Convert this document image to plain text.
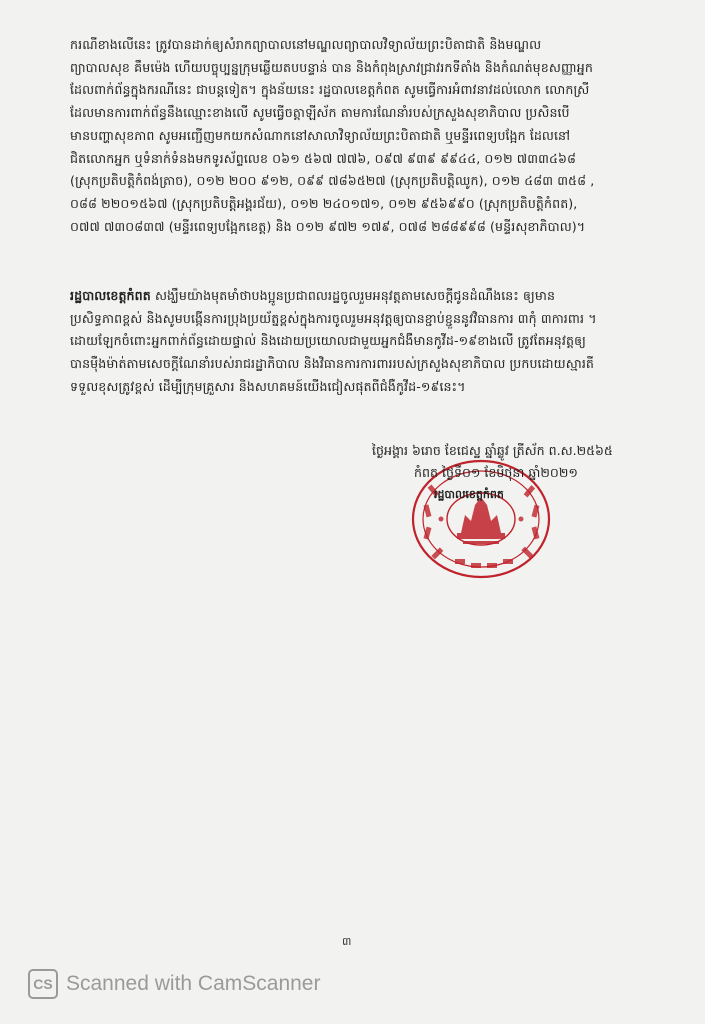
ករណីខាងលើនេះ ត្រូវបានដាក់ឲ្យសំរាកព្យាបាលនៅមណ្ឌលព្យាបាលវិទ្យាល័យព្រះបិតាជាតិ និងមណ្ឌល
ព្យាបាលសុខ គឹមម៉េង ហើយបច្ចុប្បន្នក្រុមឆ្លើយតបបន្ទាន់ បាន និងកំពុងស្រាវជ្រាវរកទីតាំង និងកំណត់មុខសញ្ញាអ្នក
ដែលពាក់ព័ន្ធក្នុងករណីនេះ ជាបន្តទៀត។ ក្នុងន័យនេះ រដ្ឋបាលខេត្តកំពត សូមធ្វើការអំពាវនាវដល់លោក លោកស្រី
ដែលមានការពាក់ព័ន្ធនឹងឈ្មោះខាងលើ សូមធ្វើចត្តាឡីស័ក តាមការណែនាំរបស់ក្រសួងសុខាភិបាល ប្រសិនបើ
មានបញ្ហាសុខភាព សូមអញ្ជើញមកយកសំណាកនៅសាលាវិទ្យាល័យព្រះបិតាជាតិ ឬមន្ទីរពេទ្យបង្អែក ដែលនៅ
ជិតលោកអ្នក ឬទំនាក់ទំនងមកទូរស័ព្ទលេខ ០៦១ ៥៦៧ ៧៧៦, ០៩៧ ៩៣៩ ៩៩៤៤, ០១២ ៧៣៣៤៦៨
(ស្រុកប្រតិបត្តិកំពង់ត្រាច), ០១២ ២០០ ៩១២, ០៩៩ ៧៨៦៥២៧ (ស្រុកប្រតិបត្តិឈូក), ០១២ ៤៨៣ ៣៥៨ ,
០៨៨ ២២០១៥៦៧ (ស្រុកប្រតិបត្តិអង្គរជ័យ), ០១២ ២៤០១៧១, ០១២ ៩៥៦៩៩០ (ស្រុកប្រតិបត្តិកំពត),
០៧៧ ៧៣០៨៣៧ (មន្ទីរពេទ្យបង្អែកខេត្ត) និង ០១២ ៩៧២ ១៧៩, ០៧៨ ២៨៨៩៩៨ (មន្ទីរសុខាភិបាល)។

រដ្ឋបាលខេត្តកំពត សង្ឃឹមយ៉ាងមុតមាំថាបងប្អូនប្រជាពលរដ្ឋចូលរួមអនុវត្តតាមសេចក្តីជូនដំណឹងនេះ ឲ្យមាន
ប្រសិទ្ធភាពខ្ពស់ និងសូមបង្កើនការប្រុងប្រយ័ត្នខ្ពស់ក្នុងការចូលរួមអនុវត្តឲ្យបានខ្ជាប់ខ្ជួននូវវិធានការ ៣កុំ ៣ការពារ ។
ដោយឡែកចំពោះអ្នកពាក់ព័ន្ធដោយផ្ទាល់ និងដោយប្រយោលជាមួយអ្នកជំងឺមានកូវីដ-១៩ខាងលើ ត្រូវតែអនុវត្តឲ្យ
បានម៉ឺងម៉ាត់តាមសេចក្តីណែនាំរបស់រាជរដ្ឋាភិបាល និងវិធានការការពាររបស់ក្រសួងសុខាភិបាល ប្រកបដោយស្មារតី
ទទួលខុសត្រូវខ្ពស់ ដើម្បីក្រុមគ្រួសារ និងសហគមន៍យើងជៀសផុតពីជំងឺកូវីដ-១៩នេះ។

ថ្ងៃអង្គារ ៦រោច ខែជេស្ឋ ឆ្នាំឆ្លូវ ត្រីស័ក ព.ស.២៥៦៥
កំពត ថ្ងៃទី០១ ខែមិថុនា ឆ្នាំ២០២១
រដ្ឋបាលខេត្តកំពត
៣
CS Scanned with CamScanner
